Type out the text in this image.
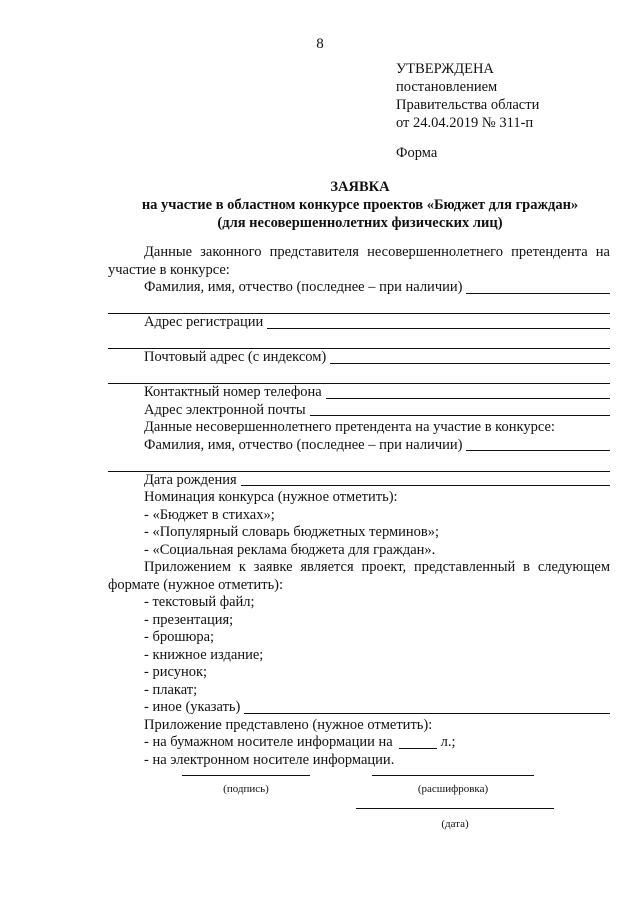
8
УТВЕРЖДЕНА
постановлением
Правительства области
от 24.04.2019 № 311-п
Форма
ЗАЯВКА
на участие в областном конкурсе проектов «Бюджет для граждан»
(для несовершеннолетних физических лиц)
Данные законного представителя несовершеннолетнего претендента на участие в конкурсе:
Фамилия, имя, отчество (последнее – при наличии)
Адрес регистрации
Почтовый адрес (с индексом)
Контактный номер телефона
Адрес электронной почты
Данные несовершеннолетнего претендента на участие в конкурсе:
Фамилия, имя, отчество (последнее – при наличии)
Дата рождения
Номинация конкурса (нужное отметить):
- «Бюджет в стихах»;
- «Популярный словарь бюджетных терминов»;
- «Социальная реклама бюджета для граждан».
Приложением к заявке является проект, представленный в следующем формате (нужное отметить):
- текстовый файл;
- презентация;
- брошюра;
- книжное издание;
- рисунок;
- плакат;
- иное (указать)
Приложение представлено (нужное отметить):
- на бумажном носителе информации на	л.;
- на электронном носителе информации.
(подпись)	(расшифровка)
(дата)
